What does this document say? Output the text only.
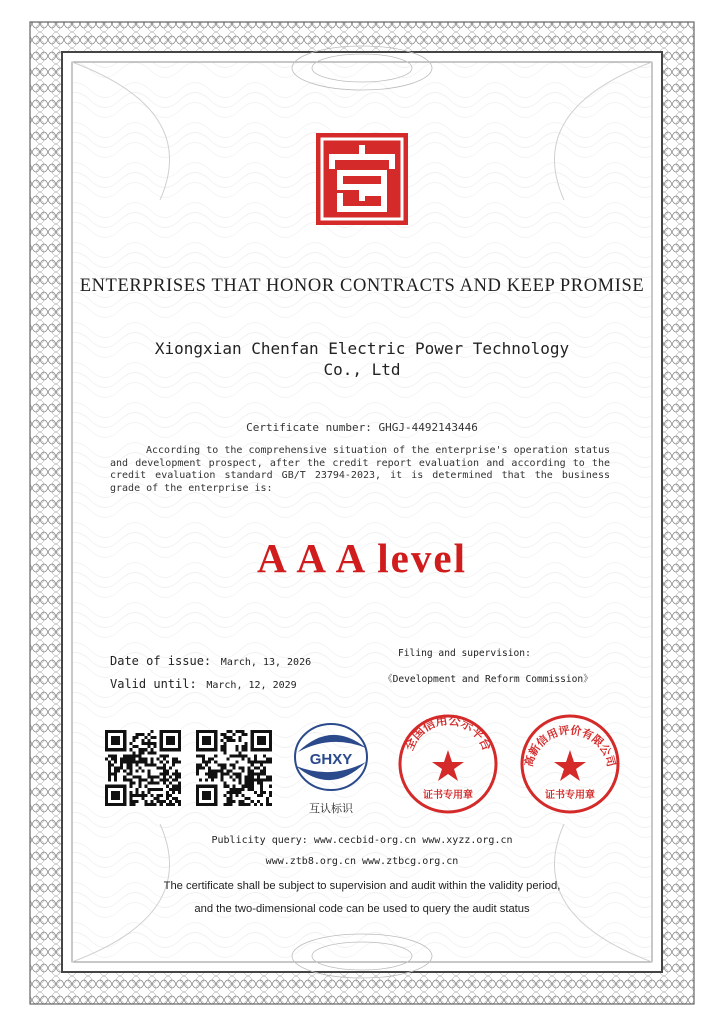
ENTERPRISES THAT HONOR CONTRACTS AND KEEP PROMISE
Xiongxian Chenfan Electric Power Technology
Co., Ltd
Certificate number: GHGJ-4492143446
According to the comprehensive situation of the enterprise's operation status and development prospect, after the credit report evaluation and according to the credit evaluation standard GB/T 23794-2023, it is determined that the business grade of the enterprise is:
A A A level
Date of issue: March, 13, 2026
Valid until: March, 12, 2029
Filing and supervision:
《Development and Reform Commission》
GHXY
互认标识
全国信用公示平台
证书专用章
高新信用评价有限公司
证书专用章
Publicity query: www.cecbid-org.cn www.xyzz.org.cn
www.ztb8.org.cn www.ztbcg.org.cn
The certificate shall be subject to supervision and audit within the validity period,
and the two-dimensional code can be used to query the audit status
